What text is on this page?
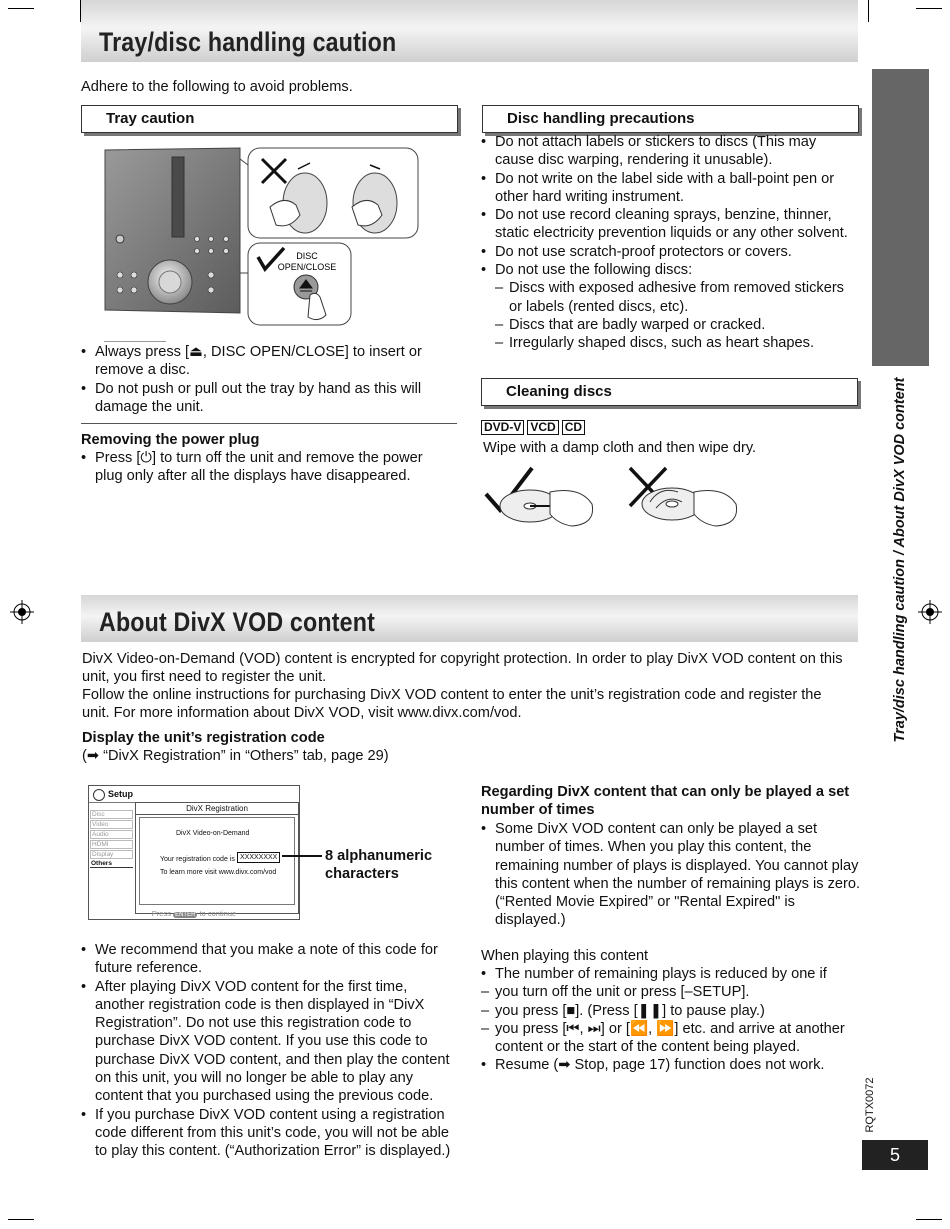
Tray/disc handling caution
Adhere to the following to avoid problems.
Tray caution
DISC
OPEN/CLOSE
• Always press [⏏, DISC OPEN/CLOSE] to insert or remove a disc.
• Do not push or pull out the tray by hand as this will damage the unit.
Removing the power plug
• Press [⏻] to turn off the unit and remove the power plug only after all the displays have disappeared.
Disc handling precautions
• Do not attach labels or stickers to discs (This may cause disc warping, rendering it unusable).
• Do not write on the label side with a ball-point pen or other hard writing instrument.
• Do not use record cleaning sprays, benzine, thinner, static electricity prevention liquids or any other solvent.
• Do not use scratch-proof protectors or covers.
• Do not use the following discs:
– Discs with exposed adhesive from removed stickers or labels (rented discs, etc).
– Discs that are badly warped or cracked.
– Irregularly shaped discs, such as heart shapes.
Cleaning discs
DVD-V VCD CD
Wipe with a damp cloth and then wipe dry.
About DivX VOD content
DivX Video-on-Demand (VOD) content is encrypted for copyright protection. In order to play DivX VOD content on this unit, you first need to register the unit.
Follow the online instructions for purchasing DivX VOD content to enter the unit’s registration code and register the unit. For more information about DivX VOD, visit www.divx.com/vod.
Display the unit’s registration code
(➡ “DivX Registration” in “Others” tab, page 29)
Setup
Disc
Video
Audio
HDMI
Display
Others
DivX Registration
DivX Video-on-Demand
Your registration code is XXXXXXXX
To learn more visit www.divx.com/vod
Press ENTER to continue
8 alphanumeric characters
• We recommend that you make a note of this code for future reference.
• After playing DivX VOD content for the first time, another registration code is then displayed in “DivX Registration”. Do not use this registration code to purchase DivX VOD content. If you use this code to purchase DivX VOD content, and then play the content on this unit, you will no longer be able to play any content that you purchased using the previous code.
• If you purchase DivX VOD content using a registration code different from this unit’s code, you will not be able to play this content. (“Authorization Error” is displayed.)
Regarding DivX content that can only be played a set number of times
• Some DivX VOD content can only be played a set number of times. When you play this content, the remaining number of plays is displayed. You cannot play this content when the number of remaining plays is zero. (“Rented Movie Expired” or "Rental Expired" is displayed.)
When playing this content
• The number of remaining plays is reduced by one if
– you turn off the unit or press [–SETUP].
– you press [■]. (Press [❚❚] to pause play.)
– you press [⏮, ⏭] or [⏪, ⏩] etc. and arrive at another content or the start of the content being played.
• Resume (➡ Stop, page 17) function does not work.
Tray/disc handling caution / About DivX VOD content
RQTX0072
5
